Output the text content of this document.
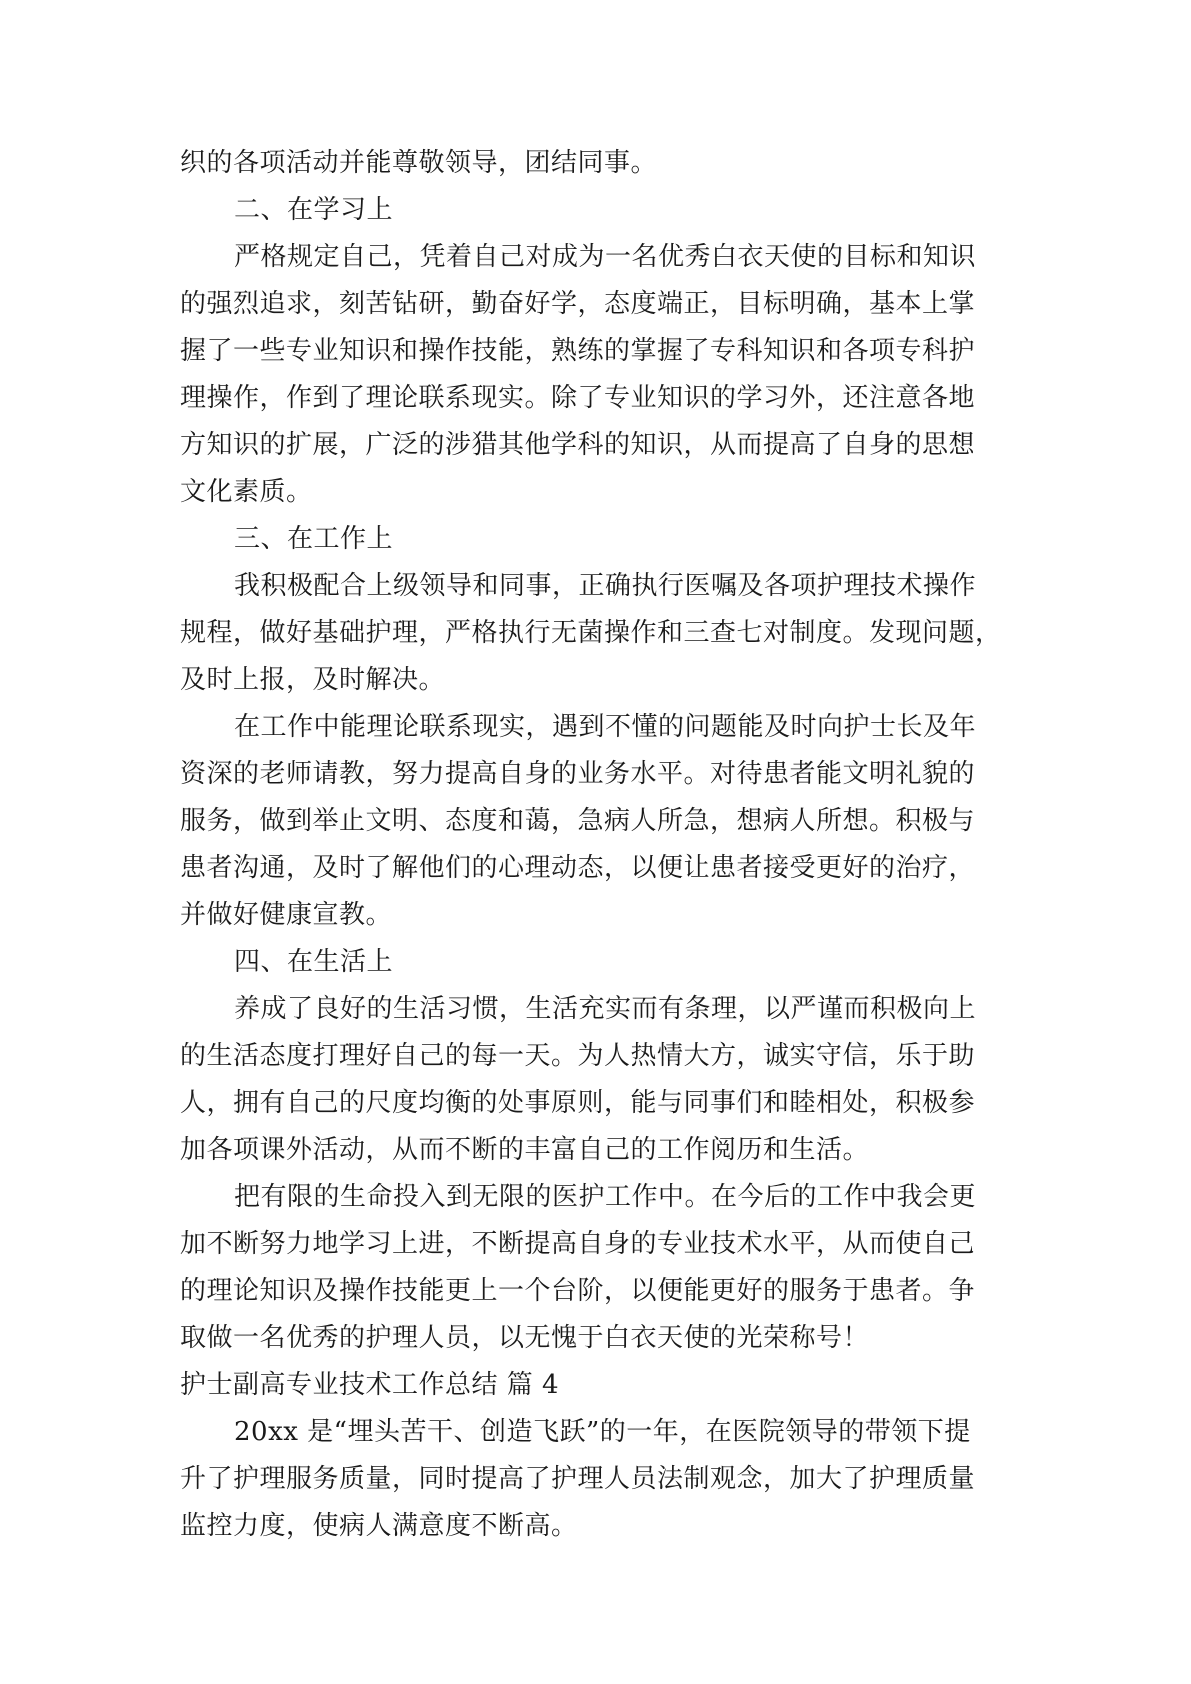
织的各项活动并能尊敬领导，团结同事。
二、在学习上
严格规定自己，凭着自己对成为一名优秀白衣天使的目标和知识
的强烈追求，刻苦钻研，勤奋好学，态度端正，目标明确，基本上掌
握了一些专业知识和操作技能，熟练的掌握了专科知识和各项专科护
理操作，作到了理论联系现实。除了专业知识的学习外，还注意各地
方知识的扩展，广泛的涉猎其他学科的知识，从而提高了自身的思想
文化素质。
三、在工作上
我积极配合上级领导和同事，正确执行医嘱及各项护理技术操作
规程，做好基础护理，严格执行无菌操作和三查七对制度。发现问题，
及时上报，及时解决。
在工作中能理论联系现实，遇到不懂的问题能及时向护士长及年
资深的老师请教，努力提高自身的业务水平。对待患者能文明礼貌的
服务，做到举止文明、态度和蔼，急病人所急，想病人所想。积极与
患者沟通，及时了解他们的心理动态，以便让患者接受更好的治疗，
并做好健康宣教。
四、在生活上
养成了良好的生活习惯，生活充实而有条理，以严谨而积极向上
的生活态度打理好自己的每一天。为人热情大方，诚实守信，乐于助
人，拥有自己的尺度均衡的处事原则，能与同事们和睦相处，积极参
加各项课外活动，从而不断的丰富自己的工作阅历和生活。
把有限的生命投入到无限的医护工作中。在今后的工作中我会更
加不断努力地学习上进，不断提高自身的专业技术水平，从而使自己
的理论知识及操作技能更上一个台阶，以便能更好的服务于患者。争
取做一名优秀的护理人员，以无愧于白衣天使的光荣称号！
护士副高专业技术工作总结 篇 4
20xx 是“埋头苦干、创造飞跃”的一年，在医院领导的带领下提
升了护理服务质量，同时提高了护理人员法制观念，加大了护理质量
监控力度，使病人满意度不断高。
